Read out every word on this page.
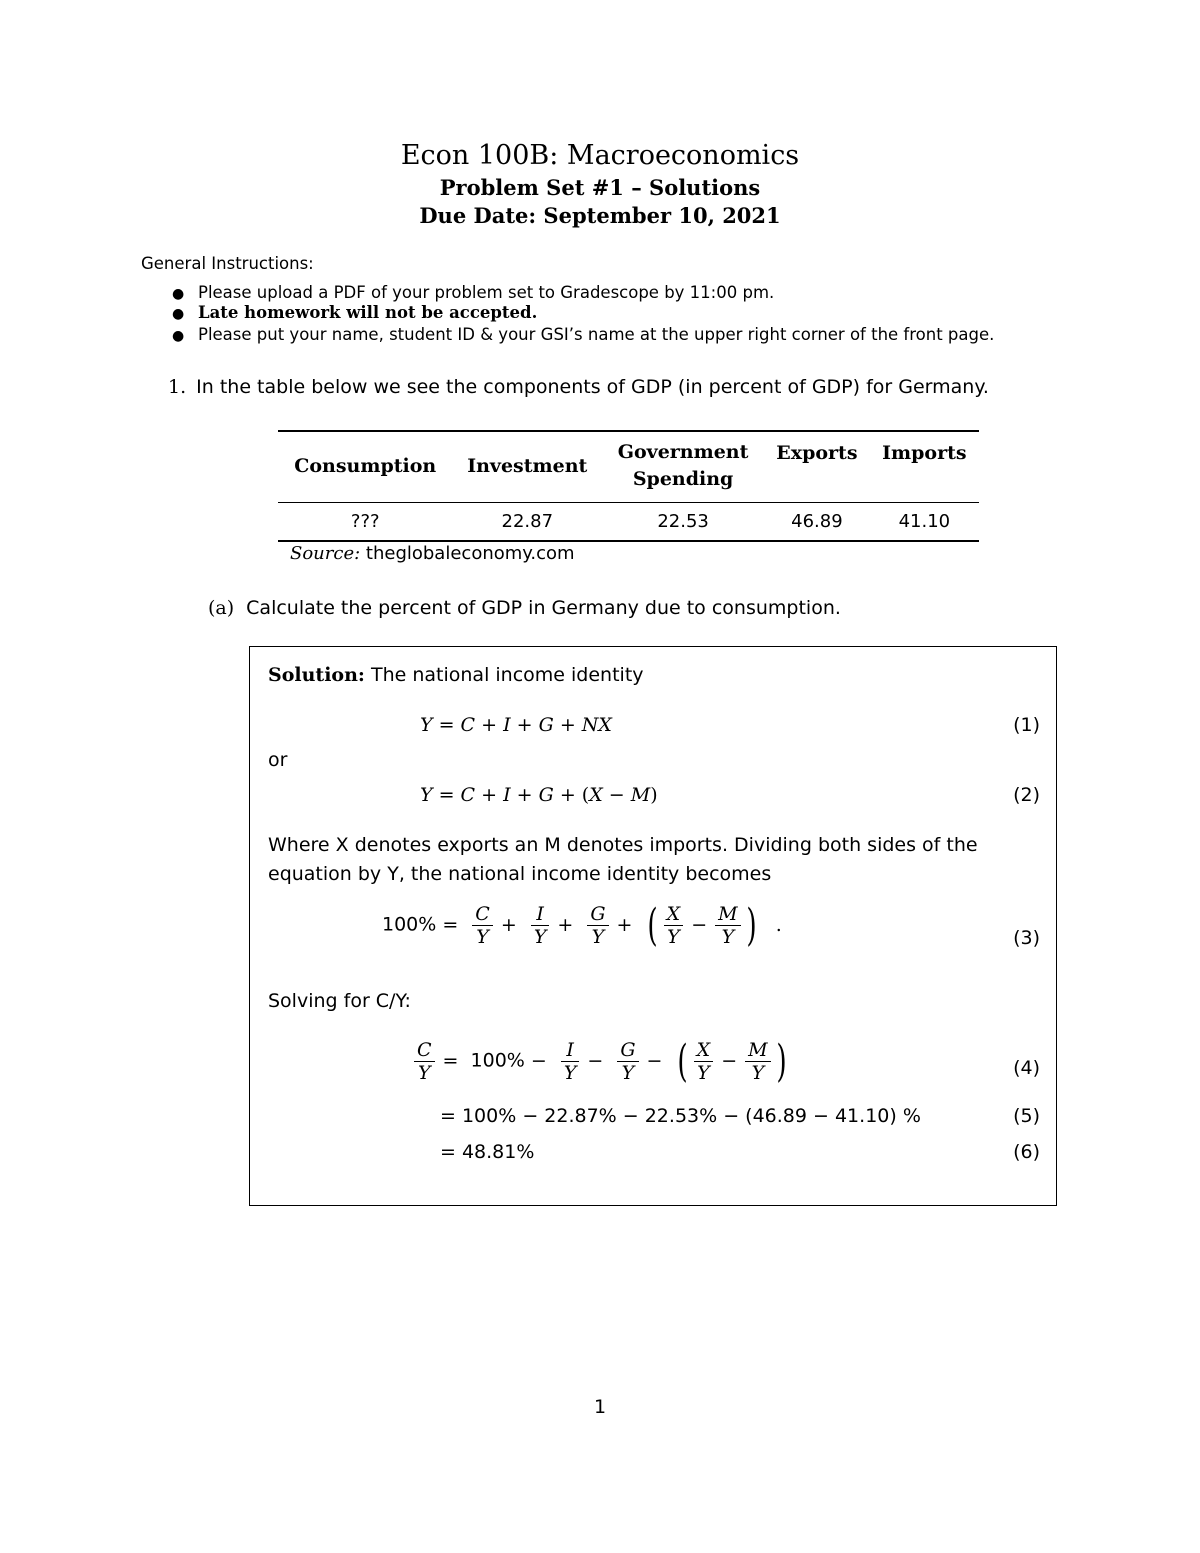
Econ 100B: Macroeconomics
Problem Set #1 – Solutions
Due Date: September 10, 2021
General Instructions:
● Please upload a PDF of your problem set to Gradescope by 11:00 pm.
● Late homework will not be accepted.
● Please put your name, student ID & your GSI’s name at the upper right corner of the front page.
1. In the table below we see the components of GDP (in percent of GDP) for Germany.
Consumption	Investment	Government Spending	Exports	Imports
???	22.87	22.53	46.89	41.10
Source: theglobaleconomy.com
(a) Calculate the percent of GDP in Germany due to consumption.
Solution: The national income identity
Y = C + I + G + NX	(1)
or
Y = C + I + G + (X − M)	(2)
Where X denotes exports an M denotes imports. Dividing both sides of the equation by Y, the national income identity becomes
$100\% = \frac{C}{Y} + \frac{I}{Y} + \frac{G}{Y}$ + ( $\frac{X}{Y} - \frac{M}{Y}$ ) .
(3)
Solving for C/Y:
$\frac{C}{Y} = 100\% - \frac{I}{Y} - \frac{G}{Y}$ − ( $\frac{X}{Y} - \frac{M}{Y}$ )	(4)
= 100% − 22.87% − 22.53% − (46.89 − 41.10) %	(5)
= 48.81%	(6)
1
